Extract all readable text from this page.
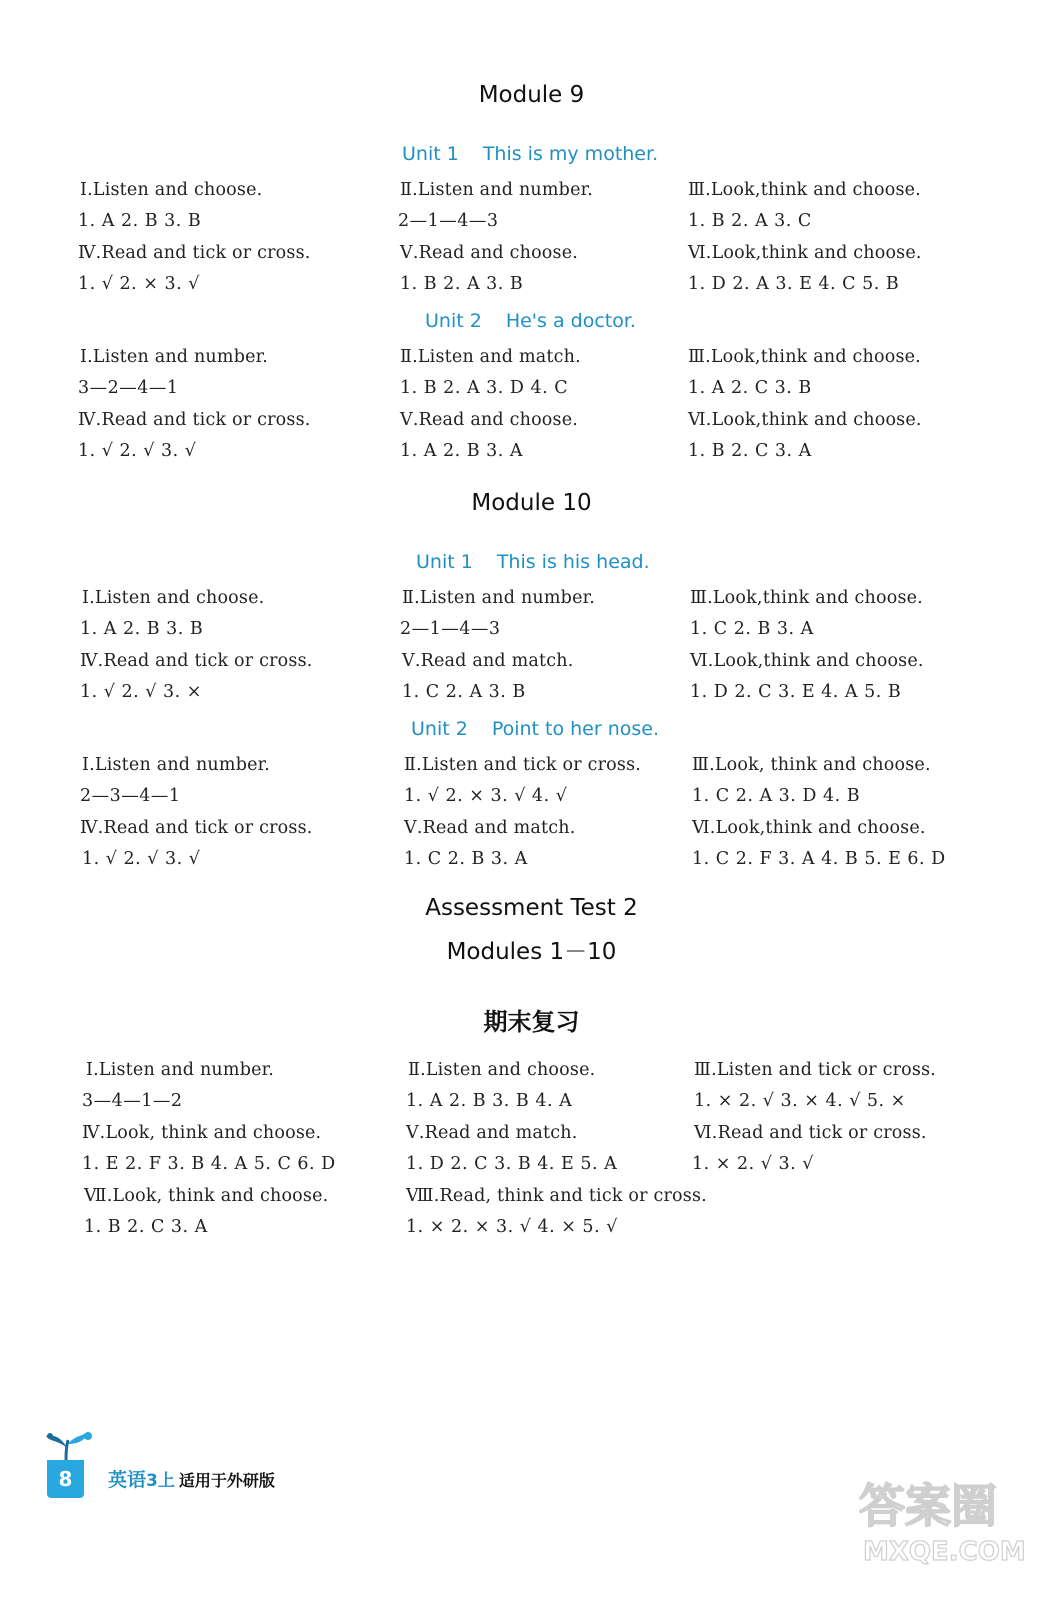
Module 9
Unit 1 This is my mother.
Ⅰ.Listen and choose.
1. A 2. B 3. B
Ⅱ.Listen and number.
2—1—4—3
Ⅲ.Look,think and choose.
1. B 2. A 3. C
Ⅳ.Read and tick or cross.
1. √ 2. × 3. √
Ⅴ.Read and choose.
1. B 2. A 3. B
Ⅵ.Look,think and choose.
1. D 2. A 3. E 4. C 5. B
Unit 2 He's a doctor.
Ⅰ.Listen and number.
3—2—4—1
Ⅱ.Listen and match.
1. B 2. A 3. D 4. C
Ⅲ.Look,think and choose.
1. A 2. C 3. B
Ⅳ.Read and tick or cross.
1. √ 2. √ 3. √
Ⅴ.Read and choose.
1. A 2. B 3. A
Ⅵ.Look,think and choose.
1. B 2. C 3. A
Module 10
Unit 1 This is his head.
Ⅰ.Listen and choose.
1. A 2. B 3. B
Ⅱ.Listen and number.
2—1—4—3
Ⅲ.Look,think and choose.
1. C 2. B 3. A
Ⅳ.Read and tick or cross.
1. √ 2. √ 3. ×
Ⅴ.Read and match.
1. C 2. A 3. B
Ⅵ.Look,think and choose.
1. D 2. C 3. E 4. A 5. B
Unit 2 Point to her nose.
Ⅰ.Listen and number.
2—3—4—1
Ⅱ.Listen and tick or cross.
1. √ 2. × 3. √ 4. √
Ⅲ.Look, think and choose.
1. C 2. A 3. D 4. B
Ⅳ.Read and tick or cross.
1. √ 2. √ 3. √
Ⅴ.Read and match.
1. C 2. B 3. A
Ⅵ.Look,think and choose.
1. C 2. F 3. A 4. B 5. E 6. D
Assessment Test 2
Modules 1－10
期末复习
Ⅰ.Listen and number.
3—4—1—2
Ⅱ.Listen and choose.
1. A 2. B 3. B 4. A
Ⅲ.Listen and tick or cross.
1. × 2. √ 3. × 4. √ 5. ×
Ⅳ.Look, think and choose.
1. E 2. F 3. B 4. A 5. C 6. D
Ⅴ.Read and match.
1. D 2. C 3. B 4. E 5. A
Ⅵ.Read and tick or cross.
1. × 2. √ 3. √
Ⅶ.Look, think and choose.
1. B 2. C 3. A
Ⅷ.Read, think and tick or cross.
1. × 2. × 3. √ 4. × 5. √
8	英语3上 适用于外研版	答案圈
MXQE.COM
